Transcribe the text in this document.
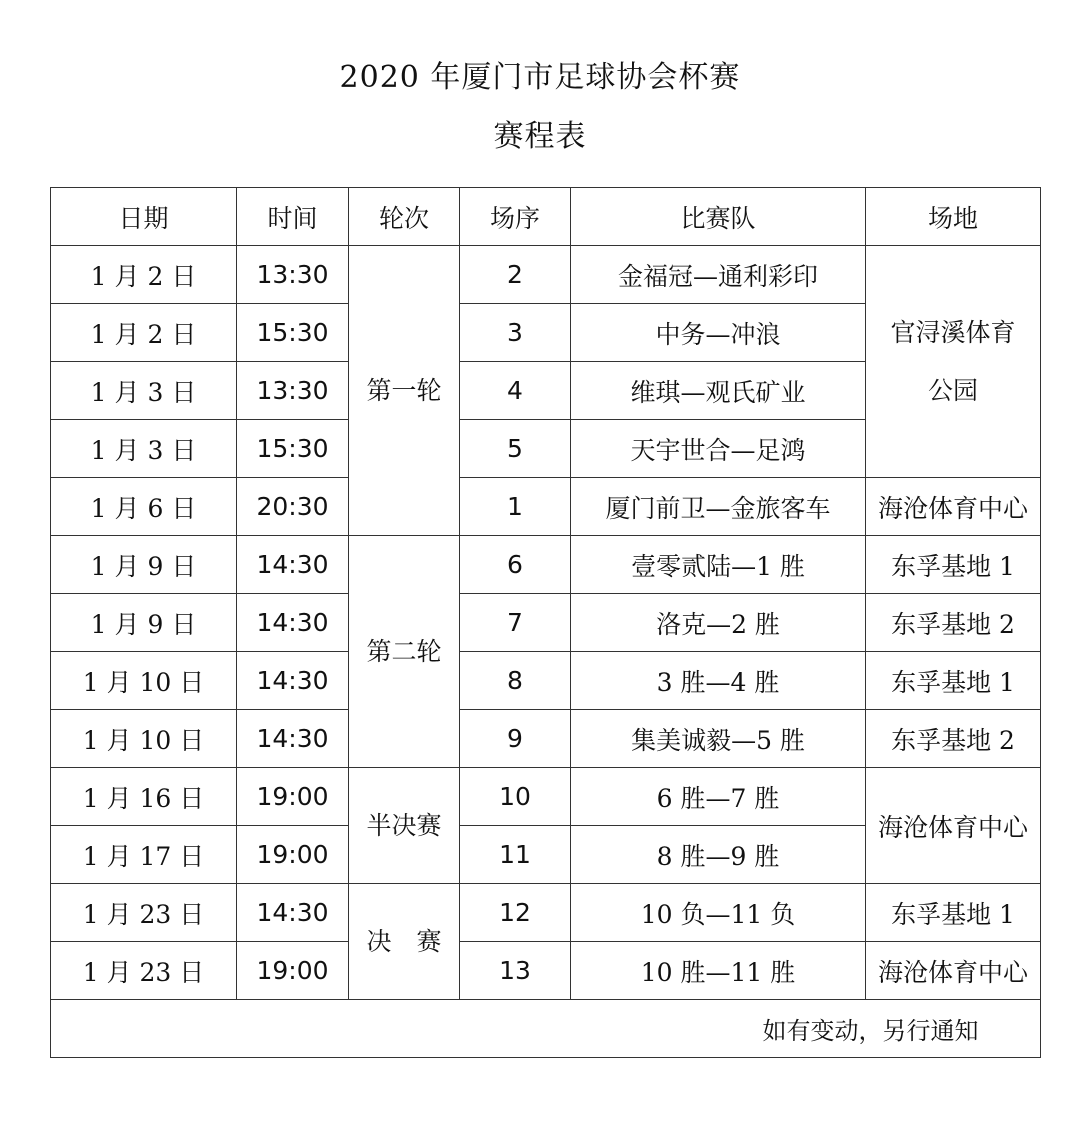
2020 年厦门市足球协会杯赛
赛程表
日期	时间	轮次	场序	比赛队	场地
1 月 2 日	13:30	第一轮	2	金福冠—通利彩印	官浔溪体育公园

1 月 2 日	15:30		3	中务—冲浪	
1 月 3 日	13:30		4	维琪—观氏矿业	
1 月 3 日	15:30		5	天宇世合—足鸿	
1 月 6 日	20:30		1	厦门前卫—金旅客车	海沧体育中心
1 月 9 日	14:30	第二轮	6	壹零贰陆—1 胜	东孚基地 1
1 月 9 日	14:30		7	洛克—2 胜	东孚基地 2
1 月 10 日	14:30		8	3 胜—4 胜	东孚基地 1
1 月 10 日	14:30		9	集美诚毅—5 胜	东孚基地 2
1 月 16 日	19:00	半决赛	10	6 胜—7 胜	海沧体育中心
1 月 17 日	19:00		11	8 胜—9 胜	
1 月 23 日	14:30	决　赛	12	10 负—11 负	东孚基地 1
1 月 23 日	19:00		13	10 胜—11 胜	海沧体育中心
如有变动，另行通知					
